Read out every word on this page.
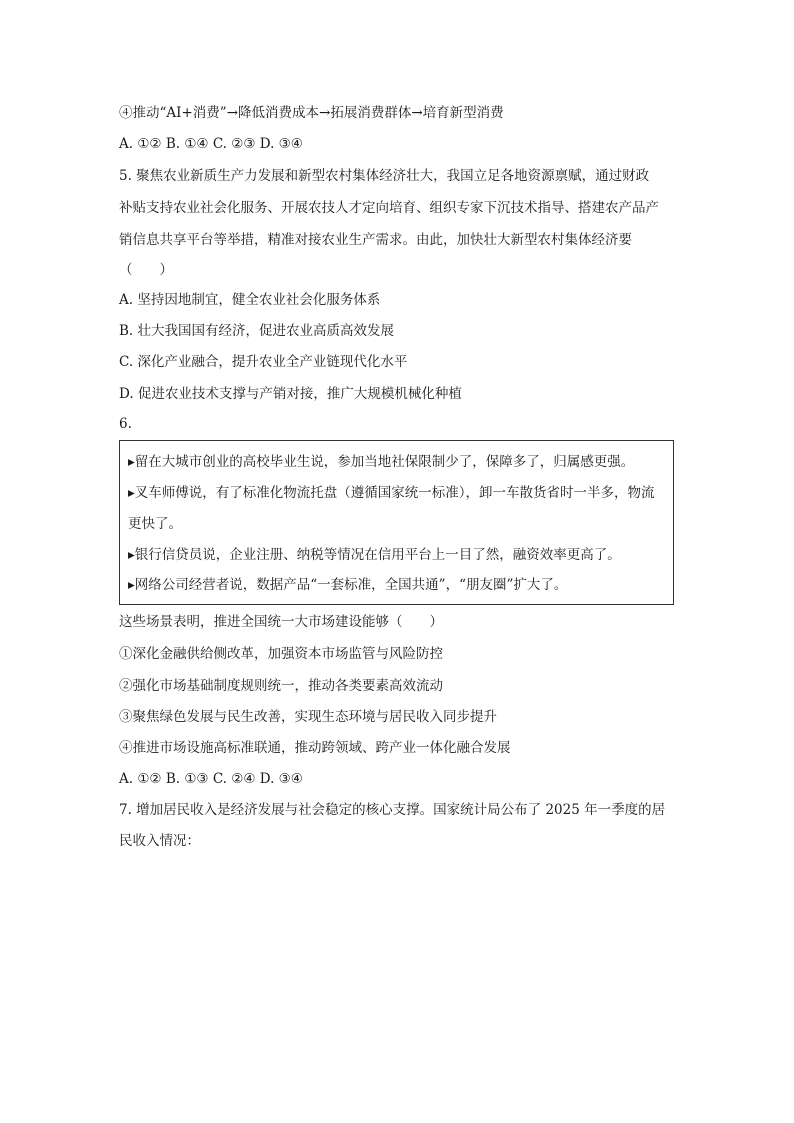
④推动“AI+消费”→降低消费成本→拓展消费群体→培育新型消费
A. ①② B. ①④ C. ②③ D. ③④
5. 聚焦农业新质生产力发展和新型农村集体经济壮大，我国立足各地资源禀赋，通过财政
补贴支持农业社会化服务、开展农技人才定向培育、组织专家下沉技术指导、搭建农产品产
销信息共享平台等举措，精准对接农业生产需求。由此，加快壮大新型农村集体经济要
（　　）
A. 坚持因地制宜，健全农业社会化服务体系
B. 壮大我国国有经济，促进农业高质高效发展
C. 深化产业融合，提升农业全产业链现代化水平
D. 促进农业技术支撑与产销对接，推广大规模机械化种植
6.
▸留在大城市创业的高校毕业生说，参加当地社保限制少了，保障多了，归属感更强。
▸叉车师傅说，有了标准化物流托盘（遵循国家统一标准），卸一车散货省时一半多，物流
更快了。
▸银行信贷员说，企业注册、纳税等情况在信用平台上一目了然，融资效率更高了。
▸网络公司经营者说，数据产品“一套标准，全国共通”，“朋友圈”扩大了。
这些场景表明，推进全国统一大市场建设能够（　　）
①深化金融供给侧改革，加强资本市场监管与风险防控
②强化市场基础制度规则统一，推动各类要素高效流动
③聚焦绿色发展与民生改善，实现生态环境与居民收入同步提升
④推进市场设施高标准联通，推动跨领域、跨产业一体化融合发展
A. ①② B. ①③ C. ②④ D. ③④
7. 增加居民收入是经济发展与社会稳定的核心支撑。国家统计局公布了 2025 年一季度的居
民收入情况：
